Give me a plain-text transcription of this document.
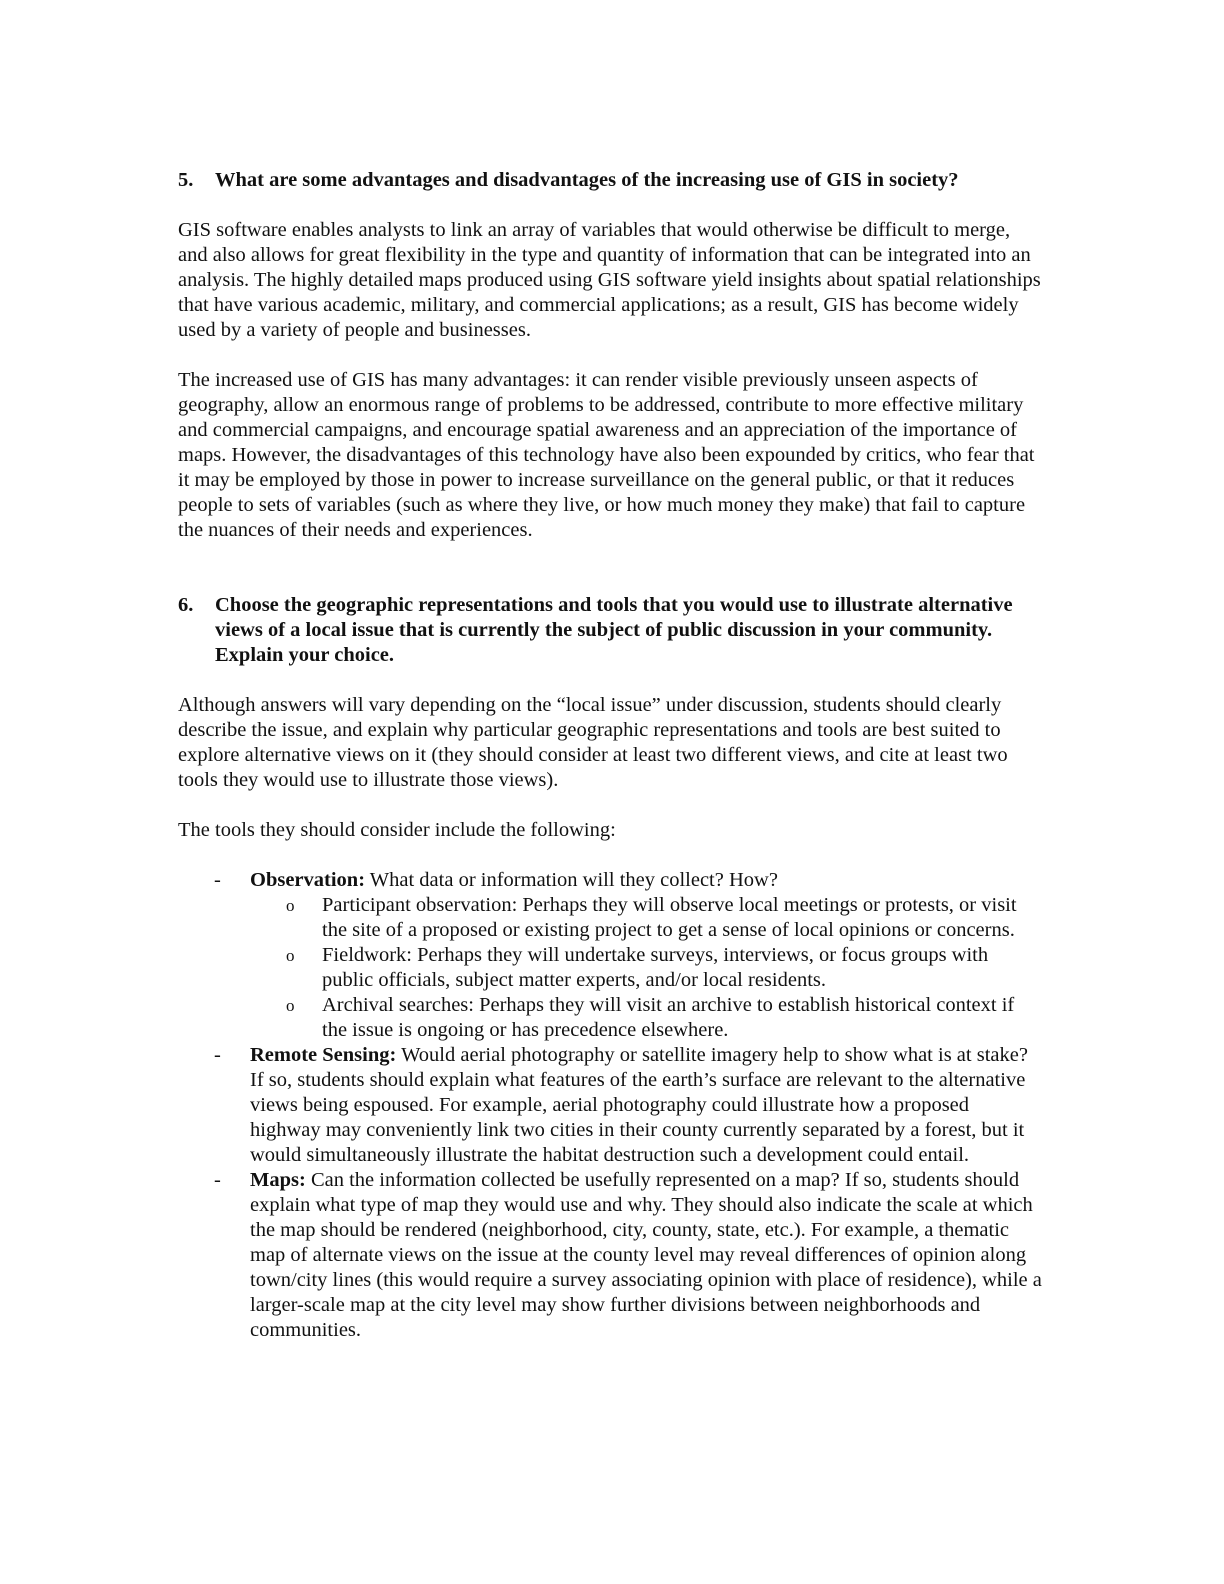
5.	What are some advantages and disadvantages of the increasing use of GIS in society?

GIS software enables analysts to link an array of variables that would otherwise be difficult to merge, and also allows for great flexibility in the type and quantity of information that can be integrated into an analysis. The highly detailed maps produced using GIS software yield insights about spatial relationships that have various academic, military, and commercial applications; as a result, GIS has become widely used by a variety of people and businesses.

The increased use of GIS has many advantages: it can render visible previously unseen aspects of geography, allow an enormous range of problems to be addressed, contribute to more effective military and commercial campaigns, and encourage spatial awareness and an appreciation of the importance of maps. However, the disadvantages of this technology have also been expounded by critics, who fear that it may be employed by those in power to increase surveillance on the general public, or that it reduces people to sets of variables (such as where they live, or how much money they make) that fail to capture the nuances of their needs and experiences.

6.	Choose the geographic representations and tools that you would use to illustrate alternative views of a local issue that is currently the subject of public discussion in your community. Explain your choice.

Although answers will vary depending on the “local issue” under discussion, students should clearly describe the issue, and explain why particular geographic representations and tools are best suited to explore alternative views on it (they should consider at least two different views, and cite at least two tools they would use to illustrate those views).

The tools they should consider include the following:

- Observation: What data or information will they collect? How?
o Participant observation: Perhaps they will observe local meetings or protests, or visit the site of a proposed or existing project to get a sense of local opinions or concerns.
o Fieldwork: Perhaps they will undertake surveys, interviews, or focus groups with public officials, subject matter experts, and/or local residents.
o Archival searches: Perhaps they will visit an archive to establish historical context if the issue is ongoing or has precedence elsewhere.
- Remote Sensing: Would aerial photography or satellite imagery help to show what is at stake? If so, students should explain what features of the earth’s surface are relevant to the alternative views being espoused. For example, aerial photography could illustrate how a proposed highway may conveniently link two cities in their county currently separated by a forest, but it would simultaneously illustrate the habitat destruction such a development could entail.
- Maps: Can the information collected be usefully represented on a map? If so, students should explain what type of map they would use and why. They should also indicate the scale at which the map should be rendered (neighborhood, city, county, state, etc.). For example, a thematic map of alternate views on the issue at the county level may reveal differences of opinion along town/city lines (this would require a survey associating opinion with place of residence), while a larger-scale map at the city level may show further divisions between neighborhoods and communities.
